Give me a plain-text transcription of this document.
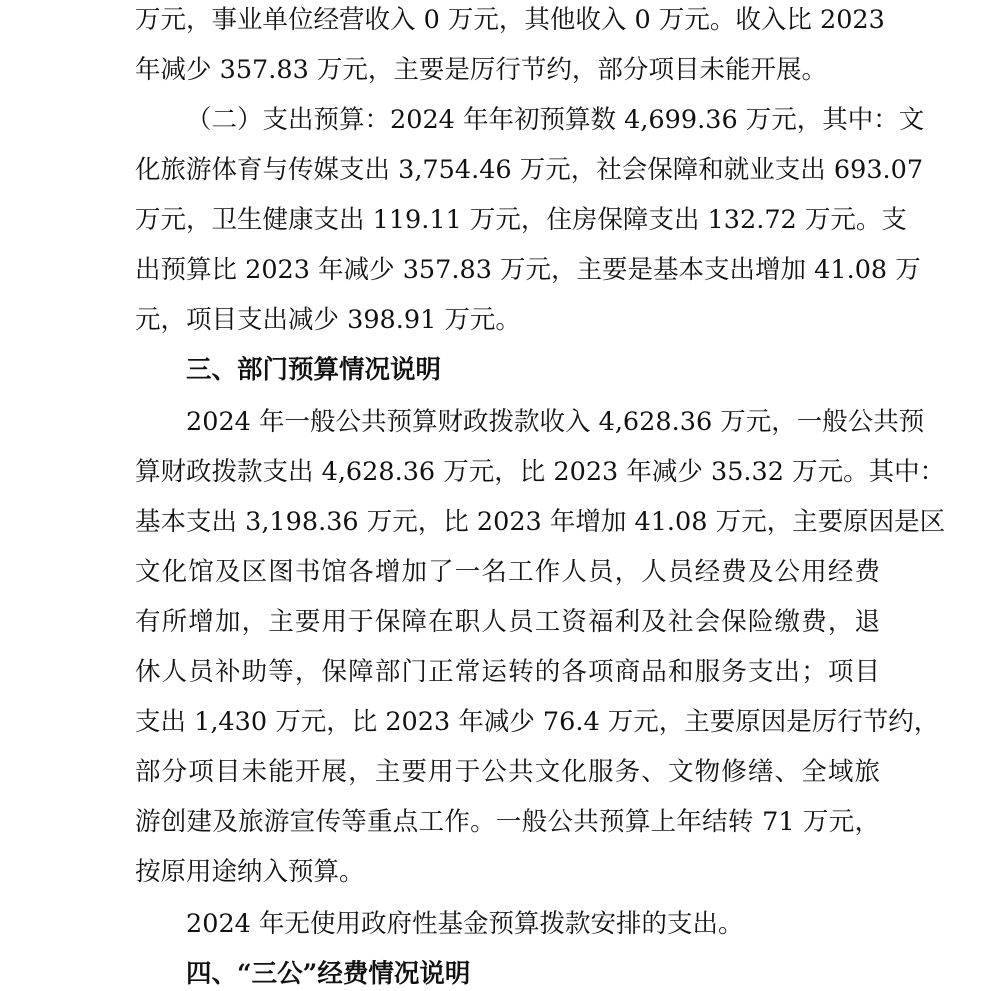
万元，事业单位经营收入 0 万元，其他收入 0 万元。收入比 2023
年减少 357.83 万元，主要是厉行节约，部分项目未能开展。
（二）支出预算：2024 年年初预算数 4,699.36 万元，其中：文
化旅游体育与传媒支出 3,754.46 万元，社会保障和就业支出 693.07
万元，卫生健康支出 119.11 万元，住房保障支出 132.72 万元。支
出预算比 2023 年减少 357.83 万元，主要是基本支出增加 41.08 万
元，项目支出减少 398.91 万元。
三、部门预算情况说明
2024 年一般公共预算财政拨款收入 4,628.36 万元，一般公共预
算财政拨款支出 4,628.36 万元，比 2023 年减少 35.32 万元。其中：
基本支出 3,198.36 万元，比 2023 年增加 41.08 万元，主要原因是区
文化馆及区图书馆各增加了一名工作人员，人员经费及公用经费
有所增加，主要用于保障在职人员工资福利及社会保险缴费，退
休人员补助等，保障部门正常运转的各项商品和服务支出；项目
支出 1,430 万元，比 2023 年减少 76.4 万元，主要原因是厉行节约，
部分项目未能开展，主要用于公共文化服务、文物修缮、全域旅
游创建及旅游宣传等重点工作。一般公共预算上年结转 71 万元，
按原用途纳入预算。
2024 年无使用政府性基金预算拨款安排的支出。
四、“三公”经费情况说明
